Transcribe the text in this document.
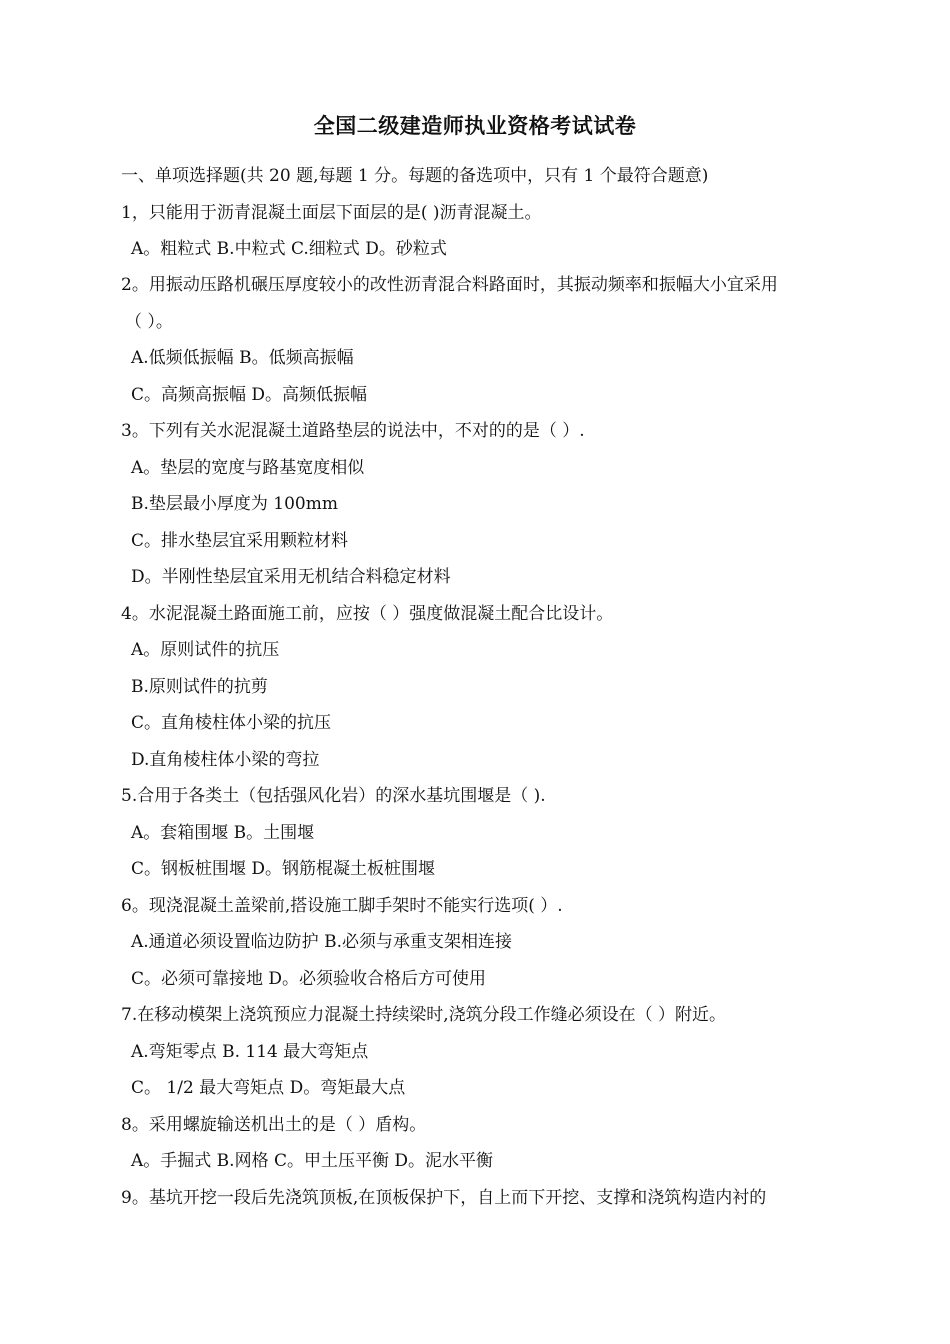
全国二级建造师执业资格考试试卷
一、单项选择题(共 20 题,每题 1 分。每题的备选项中，只有 1 个最符合题意)
1，只能用于沥青混凝土面层下面层的是( )沥青混凝土。
A。粗粒式 B.中粒式 C.细粒式 D。砂粒式
2。用振动压路机碾压厚度较小的改性沥青混合料路面时，其振动频率和振幅大小宜采用
（ ）。
A.低频低振幅 B。低频高振幅
C。高频高振幅 D。高频低振幅
3。下列有关水泥混凝土道路垫层的说法中，不对的的是（ ）.
A。垫层的宽度与路基宽度相似
B.垫层最小厚度为 100mm
C。排水垫层宜采用颗粒材料
D。半刚性垫层宜采用无机结合料稳定材料
4。水泥混凝土路面施工前，应按（ ）强度做混凝土配合比设计。
A。原则试件的抗压
B.原则试件的抗剪
C。直角棱柱体小梁的抗压
D.直角棱柱体小梁的弯拉
5.合用于各类土（包括强风化岩）的深水基坑围堰是（ ).
A。套箱围堰 B。土围堰
C。钢板桩围堰 D。钢筋棍凝土板桩围堰
6。现浇混凝土盖梁前,搭设施工脚手架时不能实行选项( ）.
A.通道必须设置临边防护 B.必须与承重支架相连接
C。必须可靠接地 D。必须验收合格后方可使用
7.在移动模架上浇筑预应力混凝土持续梁时,浇筑分段工作缝必须设在（ ）附近。
A.弯矩零点 B. 114 最大弯矩点
C。 1/2 最大弯矩点 D。弯矩最大点
8。采用螺旋输送机出土的是（ ）盾构。
A。手掘式 B.网格 C。甲土压平衡 D。泥水平衡
9。基坑开挖一段后先浇筑顶板,在顶板保护下，自上而下开挖、支撑和浇筑构造内衬的
